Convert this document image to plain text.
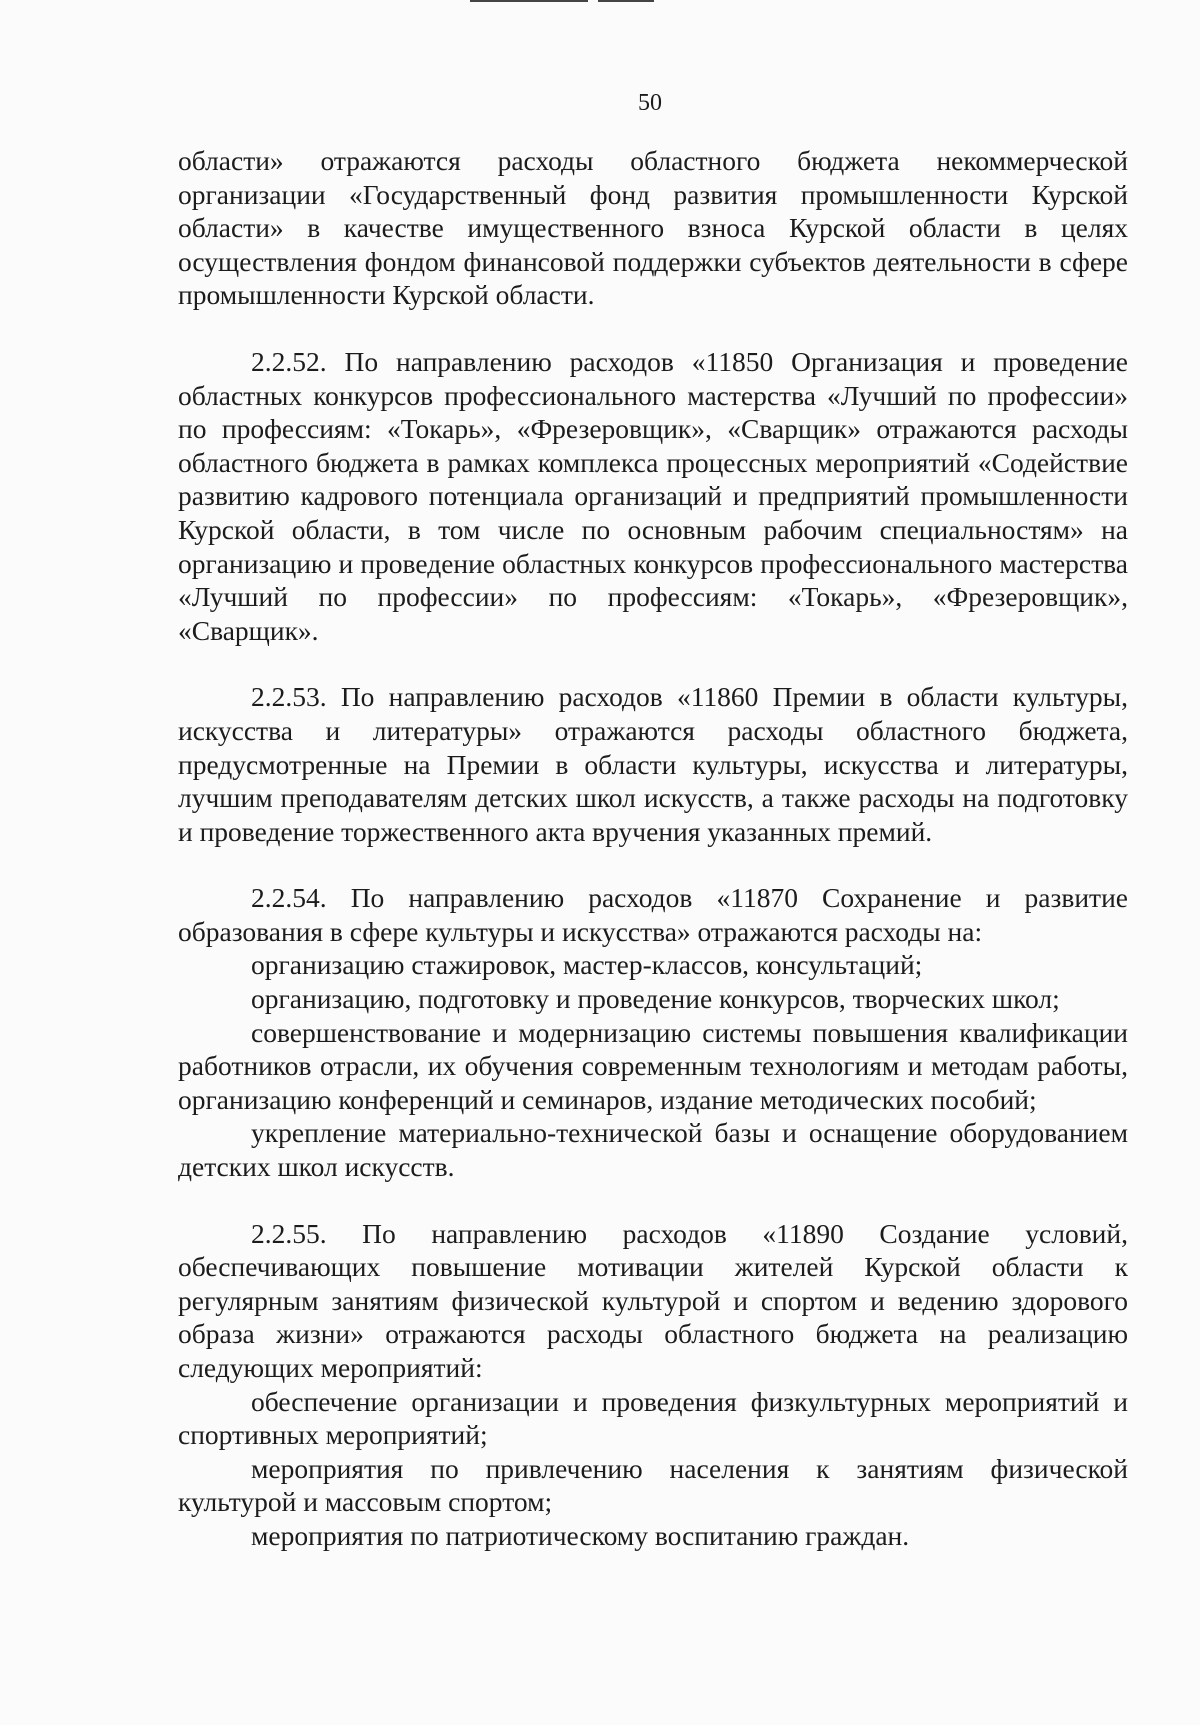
50

области» отражаются расходы областного бюджета некоммерческой организации «Государственный фонд развития промышленности Курской области» в качестве имущественного взноса Курской области в целях осуществления фондом финансовой поддержки субъектов деятельности в сфере промышленности Курской области.

2.2.52. По направлению расходов «11850 Организация и проведение областных конкурсов профессионального мастерства «Лучший по профессии» по профессиям: «Токарь», «Фрезеровщик», «Сварщик» отражаются расходы областного бюджета в рамках комплекса процессных мероприятий «Содействие развитию кадрового потенциала организаций и предприятий промышленности Курской области, в том числе по основным рабочим специальностям» на организацию и проведение областных конкурсов профессионального мастерства «Лучший по профессии» по профессиям: «Токарь», «Фрезеровщик», «Сварщик».

2.2.53. По направлению расходов «11860 Премии в области культуры, искусства и литературы» отражаются расходы областного бюджета, предусмотренные на Премии в области культуры, искусства и литературы, лучшим преподавателям детских школ искусств, а также расходы на подготовку и проведение торжественного акта вручения указанных премий.

2.2.54. По направлению расходов «11870 Сохранение и развитие образования в сфере культуры и искусства» отражаются расходы на:

организацию стажировок, мастер-классов, консультаций;

организацию, подготовку и проведение конкурсов, творческих школ;

совершенствование и модернизацию системы повышения квалификации работников отрасли, их обучения современным технологиям и методам работы, организацию конференций и семинаров, издание методических пособий;

укрепление материально-технической базы и оснащение оборудованием детских школ искусств.

2.2.55. По направлению расходов «11890 Создание условий, обеспечивающих повышение мотивации жителей Курской области к регулярным занятиям физической культурой и спортом и ведению здорового образа жизни» отражаются расходы областного бюджета на реализацию следующих мероприятий:

обеспечение организации и проведения физкультурных мероприятий и спортивных мероприятий;

мероприятия по привлечению населения к занятиям физической культурой и массовым спортом;

мероприятия по патриотическому воспитанию граждан.
